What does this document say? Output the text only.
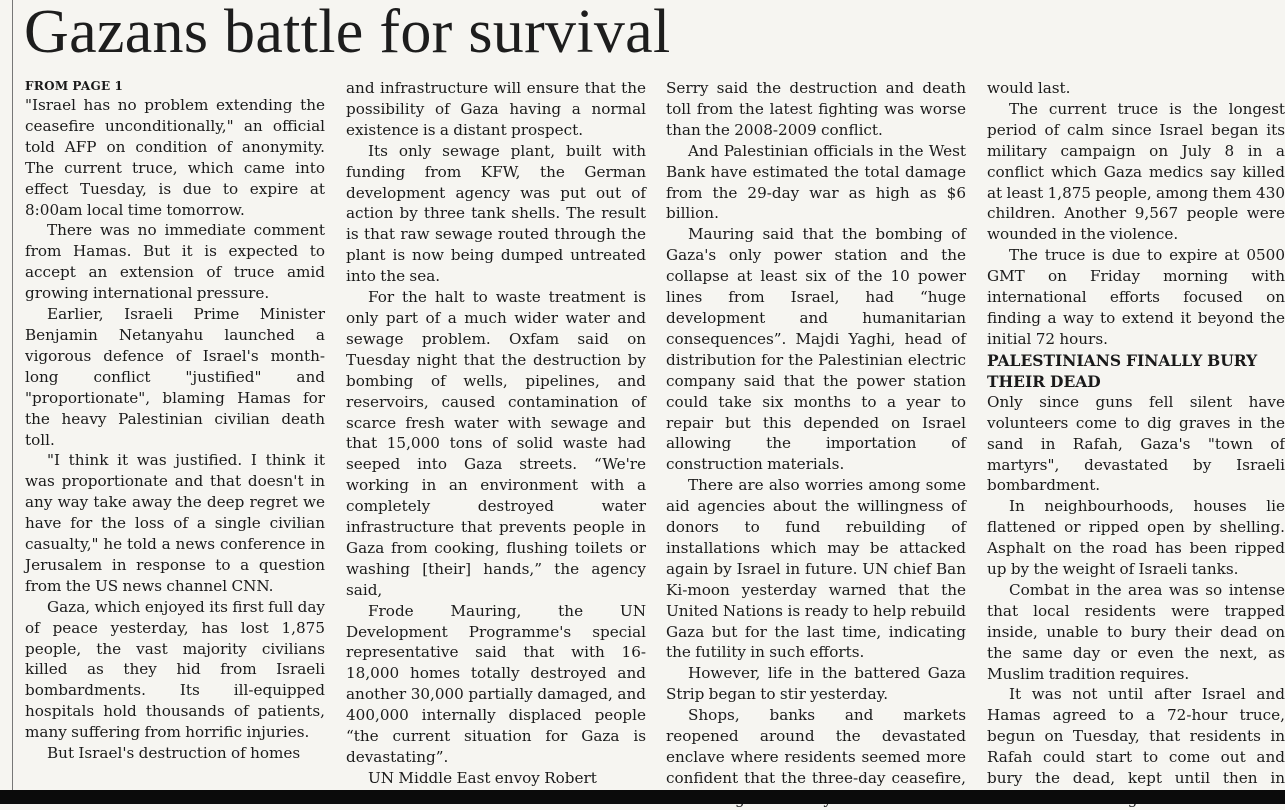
Gazans battle for survival
FROM PAGE 1

"Israel has no problem extending the ceasefire unconditionally," an official told AFP on condition of anonymity. The current truce, which came into effect Tuesday, is due to expire at 8:00am local time tomorrow.

There was no immediate comment from Hamas. But it is expected to accept an extension of truce amid growing international pressure.

Earlier, Israeli Prime Minister Benjamin Netanyahu launched a vigorous defence of Israel's month-long conflict "justified" and "proportionate", blaming Hamas for the heavy Palestinian civilian death toll.

"I think it was justified. I think it was proportionate and that doesn't in any way take away the deep regret we have for the loss of a single civilian casualty," he told a news conference in Jerusalem in response to a question from the US news channel CNN.

Gaza, which enjoyed its first full day of peace yesterday, has lost 1,875 people, the vast majority civilians killed as they hid from Israeli bombardments. Its ill-equipped hospitals hold thousands of patients, many suffering from horrific injuries.

But Israel's destruction of homes

and infrastructure will ensure that the possibility of Gaza having a normal existence is a distant prospect.

Its only sewage plant, built with funding from KFW, the German development agency was put out of action by three tank shells. The result is that raw sewage routed through the plant is now being dumped untreated into the sea.

For the halt to waste treatment is only part of a much wider water and sewage problem. Oxfam said on Tuesday night that the destruction by bombing of wells, pipelines, and reservoirs, caused contamination of scarce fresh water with sewage and that 15,000 tons of solid waste had seeped into Gaza streets. “We're working in an environment with a completely destroyed water infrastructure that prevents people in Gaza from cooking, flushing toilets or washing [their] hands,” the agency said,

Frode Mauring, the UN Development Programme's special representative said that with 16-18,000 homes totally destroyed and another 30,000 partially damaged, and 400,000 internally displaced people “the current situation for Gaza is devastating”.

UN Middle East envoy Robert

Serry said the destruction and death toll from the latest fighting was worse than the 2008-2009 conflict.

And Palestinian officials in the West Bank have estimated the total damage from the 29-day war as high as $6 billion.

Mauring said that the bombing of Gaza's only power station and the collapse at least six of the 10 power lines from Israel, had “huge development and humanitarian consequences”. Majdi Yaghi, head of distribution for the Palestinian electric company said that the power station could take six months to a year to repair but this depended on Israel allowing the importation of construction materials.

There are also worries among some aid agencies about the willingness of donors to fund rebuilding of installations which may be attacked again by Israel in future. UN chief Ban Ki-moon yesterday warned that the United Nations is ready to help rebuild Gaza but for the last time, indicating the futility in such efforts.

However, life in the battered Gaza Strip began to stir yesterday.

Shops, banks and markets reopened around the devastated enclave where residents seemed more confident that the three-day ceasefire,

would last.

The current truce is the longest period of calm since Israel began its military campaign on July 8 in a conflict which Gaza medics say killed at least 1,875 people, among them 430 children. Another 9,567 people were wounded in the violence.

The truce is due to expire at 0500 GMT on Friday morning with international efforts focused on finding a way to extend it beyond the initial 72 hours.

PALESTINIANS FINALLY BURY THEIR DEAD

Only since guns fell silent have volunteers come to dig graves in the sand in Rafah, Gaza's "town of martyrs", devastated by Israeli bombardment.

In neighbourhoods, houses lie flattened or ripped open by shelling. Asphalt on the road has been ripped up by the weight of Israeli tanks.

Combat in the area was so intense that local residents were trapped inside, unable to bury their dead on the same day or even the next, as Muslim tradition requires.

It was not until after Israel and Hamas agreed to a 72-hour truce, begun on Tuesday, that residents in Rafah could start to come out and bury the dead, kept until then in
